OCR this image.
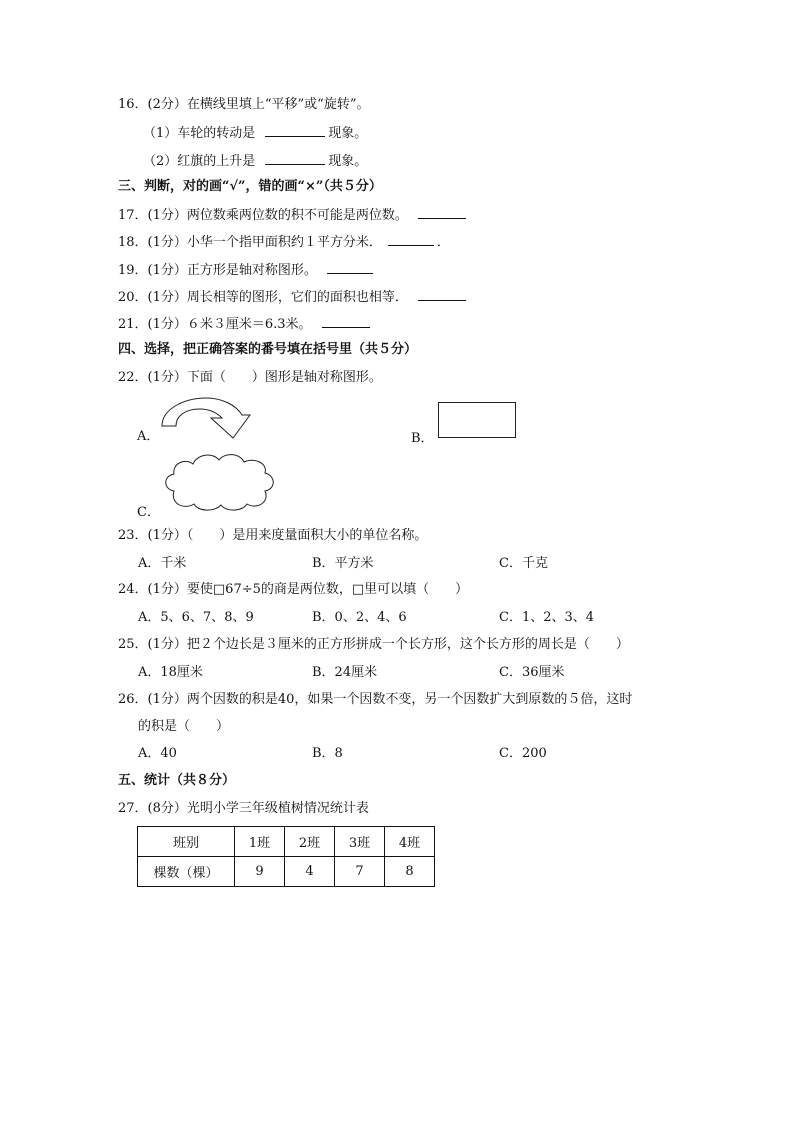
16．(2分）在横线里填上“平移”或“旋转”。
（1）车轮的转动是	现象。
（2）红旗的上升是	现象。
三、判断，对的画“√”，错的画“×”（共５分）
17．(1分）两位数乘两位数的积不可能是两位数。
18．(1分）小华一个指甲面积约１平方分米．	．
19．(1分）正方形是轴对称图形。
20．(1分）周长相等的图形，它们的面积也相等．
21．(1分）６米３厘米＝6.3米。
四、选择，把正确答案的番号填在括号里（共５分）
22．(1分）下面（　　）图形是轴对称图形。
A．	B．
C．
23．(1分）（　　）是用来度量面积大小的单位名称。
A．千米	B．平方米	C．千克
24．(1分）要使□67÷5的商是两位数，□里可以填（　　）
A．5、6、7、8、9	B．0、2、4、6	C．1、2、3、4
25．(1分）把２个边长是３厘米的正方形拼成一个长方形，这个长方形的周长是（　　）
A．18厘米	B．24厘米	C．36厘米
26．(1分）两个因数的积是40，如果一个因数不变，另一个因数扩大到原数的５倍，这时
的积是（　　）
A．40	B．8	C．200
五、统计（共８分）
27．(8分）光明小学三年级植树情况统计表
班别	1班	2班	3班	4班
棵数（棵）	9	4	7	8
